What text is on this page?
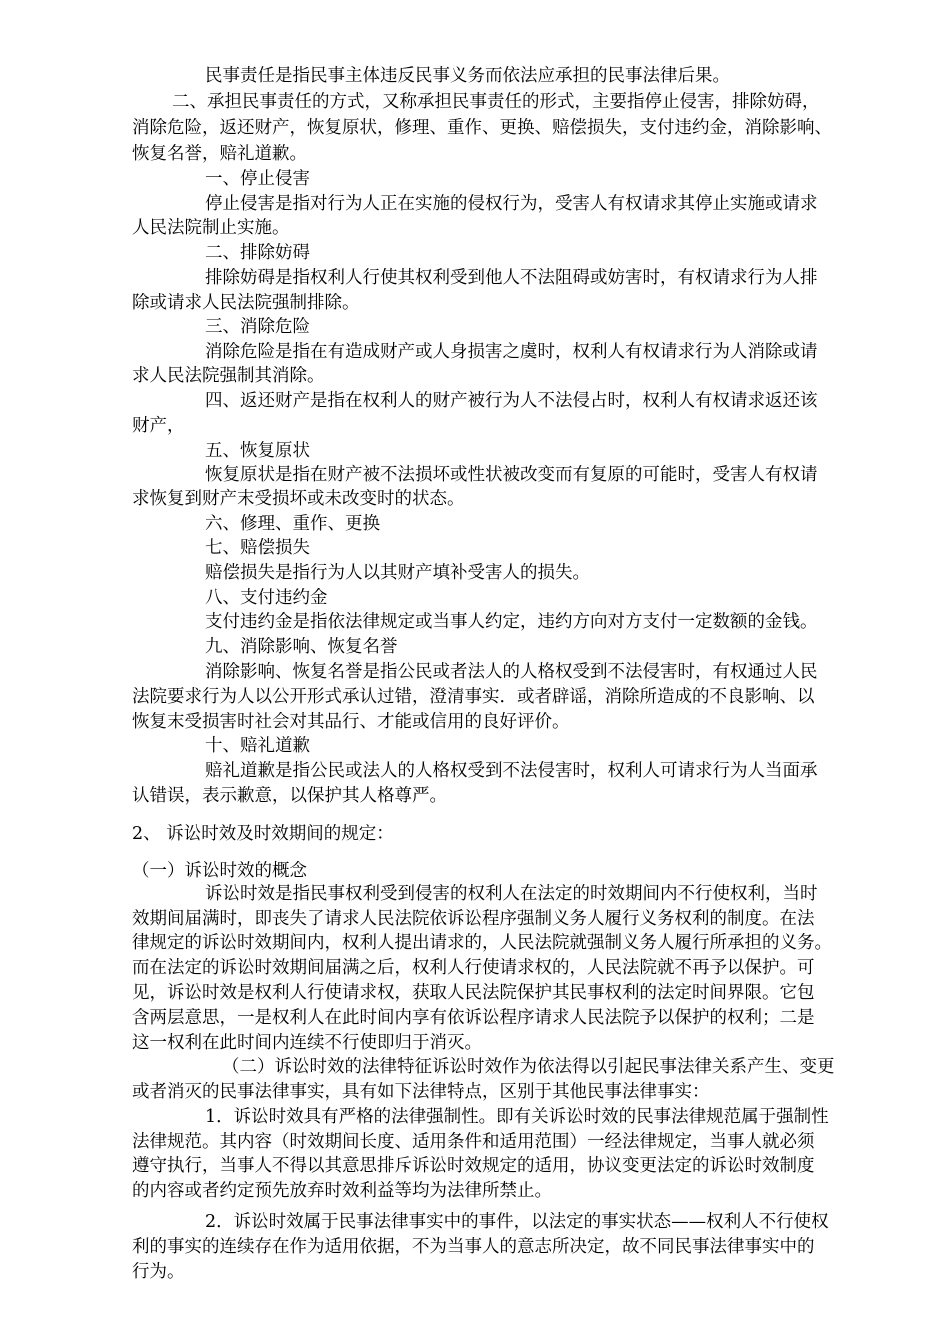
民事责任是指民事主体违反民事义务而依法应承担的民事法律后果。
二、承担民事责任的方式，又称承担民事责任的形式，主要指停止侵害，排除妨碍，
消除危险，返还财产，恢复原状，修理、重作、更换、赔偿损失，支付违约金，消除影响、
恢复名誉，赔礼道歉。
一、停止侵害
停止侵害是指对行为人正在实施的侵权行为，受害人有权请求其停止实施或请求
人民法院制止实施。
二、排除妨碍
排除妨碍是指权利人行使其权利受到他人不法阻碍或妨害时，有权请求行为人排
除或请求人民法院强制排除。
三、消除危险
消除危险是指在有造成财产或人身损害之虞时，权利人有权请求行为人消除或请
求人民法院强制其消除。
四、返还财产是指在权利人的财产被行为人不法侵占时，权利人有权请求返还该
财产，
五、恢复原状
恢复原状是指在财产被不法损坏或性状被改变而有复原的可能时，受害人有权请
求恢复到财产末受损坏或未改变时的状态。
六、修理、重作、更换
七、赔偿损失
赔偿损失是指行为人以其财产填补受害人的损失。
八、支付违约金
支付违约金是指依法律规定或当事人约定，违约方向对方支付一定数额的金钱。
九、消除影响、恢复名誉
消除影响、恢复名誉是指公民或者法人的人格权受到不法侵害时，有权通过人民
法院要求行为人以公开形式承认过错，澄清事实．或者辟谣，消除所造成的不良影响、以
恢复末受损害时社会对其品行、才能或信用的良好评价。
十、赔礼道歉
赔礼道歉是指公民或法人的人格权受到不法侵害时，权利人可请求行为人当面承
认错误，表示歉意，以保护其人格尊严。
2、 诉讼时效及时效期间的规定：
（一）诉讼时效的概念
诉讼时效是指民事权利受到侵害的权利人在法定的时效期间内不行使权利，当时
效期间届满时，即丧失了请求人民法院依诉讼程序强制义务人履行义务权利的制度。在法
律规定的诉讼时效期间内，权利人提出请求的，人民法院就强制义务人履行所承担的义务。
而在法定的诉讼时效期间届满之后，权利人行使请求权的，人民法院就不再予以保护。可
见，诉讼时效是权利人行使请求权，获取人民法院保护其民事权利的法定时间界限。它包
含两层意思，一是权利人在此时间内享有依诉讼程序请求人民法院予以保护的权利；二是
这一权利在此时间内连续不行使即归于消灭。
（二）诉讼时效的法律特征诉讼时效作为依法得以引起民事法律关系产生、变更
或者消灭的民事法律事实，具有如下法律特点，区别于其他民事法律事实：
1．诉讼时效具有严格的法律强制性。即有关诉讼时效的民事法律规范属于强制性
法律规范。其内容（时效期间长度、适用条件和适用范围）一经法律规定，当事人就必须
遵守执行，当事人不得以其意思排斥诉讼时效规定的适用，协议变更法定的诉讼时效制度
的内容或者约定预先放弃时效利益等均为法律所禁止。
2．诉讼时效属于民事法律事实中的事件，以法定的事实状态——权利人不行使权
利的事实的连续存在作为适用依据，不为当事人的意志所决定，故不同民事法律事实中的
行为。
